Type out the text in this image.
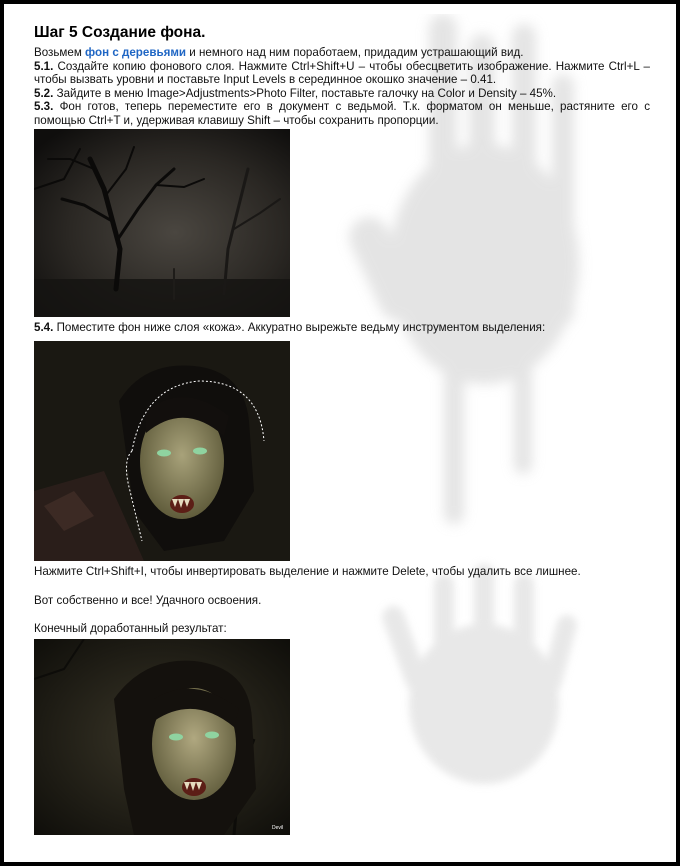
Шаг 5 Создание фона.

Возьмем фон с деревьями и немного над ним поработаем, придадим устрашающий вид.

5.1. Создайте копию фонового слоя. Нажмите Ctrl+Shift+U – чтобы обесцветить изображение. Нажмите Ctrl+L – чтобы вызвать уровни и поставьте Input Levels в серединное окошко значение – 0.41.

5.2. Зайдите в меню Image>Adjustments>Photo Filter, поставьте галочку на Color и Density – 45%.

5.3. Фон готов, теперь переместите его в документ с ведьмой. Т.к. форматом он меньше, растяните его с помощью Ctrl+T и, удерживая клавишу Shift – чтобы сохранить пропорции.

5.4. Поместите фон ниже слоя «кожа». Аккуратно вырежьте ведьму инструментом выделения:

Нажмите Ctrl+Shift+I, чтобы инвертировать выделение и нажмите Delete, чтобы удалить все лишнее.

Вот собственно и все! Удачного освоения.

Конечный доработанный результат:

Devil
